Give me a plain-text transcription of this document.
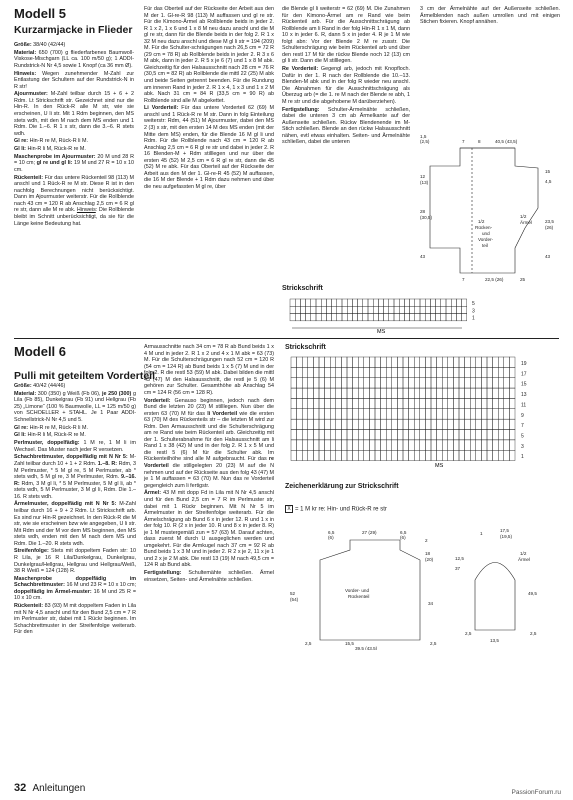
Modell 5
Kurzarmjacke in Flieder

Größe: 38/40 (42/44)

Material: 650 (700) g fliederfarbenes Baumwoll-Viskose-Mischgarn (LL ca. 100 m/50 g); 1 ADDI-Rundstrick-N Nr 4,5 sowie 1 Knopf (ca 36 mm Ø).

Hinweis: Wegen zunehmender M-Zahl zur Entlastung der Schultern auf der Rundstrick-N in R str!

Ajourmuster: M-Zahl teilbar durch 15 + 6 + 2 Rdm. Lt Strickschrift str. Gezeichnet sind nur die Hin-R. In den Rück-R alle M str, wie sie erscheinen, U li str. Mit 1 Rdm beginnen, den MS stets wdh, mit den M nach dem MS enden und 1 Rdm. Die 1.–6. R 1 x str, dann die 3.–6. R stets wdh.

Gl re: Hin-R re M, Rück-R li M.

Gl li: Hin-R li M, Rück-R re M.

Maschenprobe im Ajourmuster: 20 M und 28 R = 10 cm; gl re und gl li: 19 M und 27 R = 10 x 10 cm.

Rückenteil: Für das untere Rückenteil 98 (113) M anschl und 1 Rück-R re M str. Diese R ist in den nachfolg Berechnungen nicht berücksichtigt. Dann im Ajourmuster weiterstr. Für die Rollblende nach 43 cm = 120 R ab Anschlag 2,5 cm = 6 R gl re str, dann alle M re abk. Hinweis: Die Rollblende bleibt im Schnitt unberücksichtigt, da sie für die Länge keine Bedeutung hat.

Für das Oberteil auf der Rückseite der Arbeit aus den M der 1. Gl-re-R 98 (113) M auffassen und gl re str. Für die Kimono-Ärmel ab Rollblende beids in jeder 2. R 1 x 2, 1 x 6 und 1 x 8 M neu dazu anschl und die M gl re str, dann für die Blende beids in der folg 2. R 1 x 32 M neu dazu anschl und diese M gl li str = 194 (209) M. Für die Schulter-schrägungen nach 26,5 cm = 72 R (29 cm = 78 R) ab Rollblende beids in jeder 2. R 3 x 6 M abk, dann in jeder 2. R 5 x je 6 (7) und 1 x 8 M abk. Gleichzeitig für den Halsausschnitt nach 28 cm = 76 R (30,5 cm = 82 R) ab Rollblende die mittl 22 (25) M abk und beide Seiten getrennt beenden. Für die Rundung am inneren Rand in jeder 2. R 1 x 4, 1 x 3 und 1 x 2 M abk. Nach 31 cm = 84 R (33,5 cm = 90 R) ab Rollblende sind alle M abgekettet.

Li Vorderteil: Für das untere Vorderteil 62 (69) M anschl und 1 Rück-R re M str. Dann in folg Einteilung weiterstr: Rdm, 44 (51) M Ajourmuster, dabei den MS 2 (3) x str, mit den ersten 14 M des MS enden (mit der Mitte dem MS) enden, für die Blende 16 M gl li und Rdm. Für die Rollblende nach 43 cm = 120 R ab Anschlag 2,5 cm = 6 R gl re str und dabei in jeder 2. R 16 Blenden-M + Rdm stilllegen und nur über die ersten 45 (52) M 2,5 cm = 6 R gl re str, dann die 45 (52) M re abk. Für das Oberteil auf der Rückseite der Arbeit aus den M der 1. Gl-re-R 45 (52) M auffassen, die 16 M der Blende + 1 Rdm dazu nehmen und über die neu aufgefassten M gl re, über

die Blende gl li weiterstr = 62 (69) M. Die Zunahmen für den Kimono-Ärmel am re Rand wie beim Rückenteil arb. Für die Ausschnittschrägung ab Rollblende am li Rand in der folg Hin-R 1 x 1 M, dann 10 x in jeder 6. R, dann 5 x in jeder 4. R je 1 M wie folgt abn: Vor der Blende 2 M re zusstr. Die Schulterschrägung wie beim Rückenteil arb und über den restl 17 M für die rückw Blende noch 12 (13) cm gl li str. Dann die M stilllegen.

Re Vorderteil: Gegengl arb, jedoch mit Knopfloch. Dafür in der 1. R nach der Rollblende die 10.–13. Blenden-M abk und in der folg R wieder neu anschl. Die Abnahmen für die Ausschnittschrägung als Überzug arb (= die 1. re M nach der Blende re abh, 1 M re str und die abgehobene M darüberziehen).

Fertigstellung: Schulter-Ärmelnähte schließen, dabei die unteren 3 cm ab Ärmelkante auf der Außenseite schließen. Rückw Blendenende im M-Stich schließen. Blende an den rückw Halsausschnitt nähen, evtl etwas einhalten. Seiten- und Ärmelnähte schließen, dabei die unteren

3 cm der Ärmelnähte auf der Außenseite schließen. Ärmelblenden nach außen umrollen und mit einigen Stichen fixieren. Knopf annähen.

1,5
(2,5)	7	8	40,5 (43,5)
12
(13)
15
4,5
28
(30,5)	1/2
Ärmel	23,5
(26)
1/2
Rücken-
und
Vorder-
teil
43	43
7	22,5 (26)	25
Strickschrift
5
3
1
MS
Modell 6
Pulli mit geteiltem Vorderteil

Größe: 40/42 (44/46)

Material: 300 (350) g Weiß (Fb 06), je 250 (300) g Lila (Fb 85), Dunkelgrau (Fb 91) und Hellgrau (Fb 25) „Limone“ (100 % Baumwolle, LL = 125 m/50 g) von SCHOELLER + STAHL. Je 1 Paar ADDI-Schnellstrick-N Nr 4,5 und 5.

Gl re: Hin-R re M, Rück-R li M.

Gl li: Hin-R li M, Rück-R re M.

Perlmuster, doppelfädig: 1 M re, 1 M li im Wechsel. Das Muster nach jeder R versetzen.

Schachbrettmuster, doppelfädig mit N Nr 5: M-Zahl teilbar durch 10 + 1 + 2 Rdm. 1.–8. R: Rdm, 3 M Perlmuster, * 5 M gl re, 5 M Perlmuster, ab * stets wdh, 5 M gl re, 3 M Perlmuster, Rdm. 9.–16. R: Rdm, 3 M gl li, * 5 M Perlmuster, 5 M gl li, ab * stets wdh, 5 M Perlmuster, 3 M gl li, Rdm. Die 1.–16. R stets wdh.

Ärmelmuster, doppelfädig mit N Nr 5: M-Zahl teilbar durch 16 + 9 + 2 Rdm. Lt Strickschrift arb. Es sind nur Hin-R gezeichnet. In den Rück-R die M str, wie sie erscheinen bzw wie angegeben, U li str. Mit Rdm und der M vor dem MS beginnen, den MS stets wdh, enden mit den M nach dem MS und Rdm. Die 1.–20. R stets wdh.

Streifenfolge: Stets mit doppeltem Faden str: 10 R Lila, je 16 R Lila/Dunkelgrau, Dunkelgrau, Dunkelgrau/Hellgrau, Hellgrau und Hellgrau/Weiß, 38 R Weiß = 124 (128) R.

Maschenprobe doppelfädig im Schachbrettmuster: 16 M und 23 R = 10 x 10 cm; doppelfädig im Ärmel-muster: 16 M und 25 R = 10 x 10 cm.

Rückenteil: 83 (93) M mit doppeltem Faden in Lila mit N Nr 4,5 anschl und für den Bund 2,5 cm = 7 R im Perlmuster str, dabei mit 1 Rückr beginnen. Im Schachbrettmuster in der Streifenfolge weiterarb. Für den

Armausschnitte nach 34 cm = 78 R ab Bund beids 1 x 4 M und in jeder 2. R 1 x 2 und 4 x 1 M abk = 63 (73) M. Für die Schulterschrägungen nach 52 cm = 120 R (54 cm = 124 R) ab Bund beids 1 x 5 (7) M und in der folg 2. R die restl 53 (59) M abk. Dabei bilden die mittl 43 (47) M den Halsausschnitt, die restl je 5 (6) M gehören zur Schulter. Gesamthöhe ab Anschlag 54 cm = 124 R (56 cm = 128 R).

Vorderteil: Genauso beginnen, jedoch nach dem Bund die letzten 20 (23) M stilllegen. Nun über die ersten 63 (70) M für das li Vorderteil wie die ersten 63 (70) M des Rückenteils str – die letzten M wird zur Rdm. Den Armausschnitt und die Schulterschrägung am re Rand wie beim Rückenteil arb. Gleichzeitig mit der 1. Schulterabnahme für den Halsausschnitt am li Rand 1 x 38 (42) M und in der folg 2. R 1 x 5 M und die restl 5 (6) M für die Schulter abk. Im Rückenteilhöhe sind alle M aufgebraucht. Für das re Vorderteil die stillgelegten 20 (23) M auf die N nehmen und auf der Rückseite aus den folg 43 (47) M je 1 M auffassen = 63 (70) M. Nun das re Vorderteil gegengleich zum li fertigstr.

Ärmel: 43 M mit dopp Fd in Lila mit N Nr 4,5 anschl und für den Bund 2,5 cm = 7 R im Perlmuster str, dabei mit 1 Rückr beginnen. Mit N Nr 5 im Ärmelmuster in der Streifenfolge weiterarb. Für die Ärmelschrägung ab Bund 6 x in jeder 12. R und 1 x in der folg 10. R (2 x in jeder 10. R und 8 x in jeder 8. R) je 1 M mustergemäß zun = 57 (63) M. Darauf achten, dass zuerst M durch U ausgeglichen werden und umgekehrt. Für die Armkugel nach 37 cm = 92 R ab Bund beids 1 x 3 M und in jeder 2. R 2 x je 2, 11 x je 1 und 2 x je 2 M abk. Die restl 13 (19) M nach 49,5 cm = 124 R ab Bund abk.

Fertigstellung: Schultemähte schließen. Ärmel einsetzen, Seiten- und Ärmelnähte schließen.

Strickschrift
19
17
15
13
11
9
7
5
3
1
MS
Zeichenerklärung zur Strickschrift
X = 1 M kr re: Hin- und Rück-R re str
6,5
(6)
27 (29)	6,5
(6)
2
18
(20)
52
(54)
Vorder- und
Rückenteil
34
2,5	15,5
39,5 (43,5)
2,5
1
17,5
(19,5)
1/2
Ärmel
12,5
37
49,5
2,5
13,5
2,5
32 Anleitungen	PassionForum.ru
